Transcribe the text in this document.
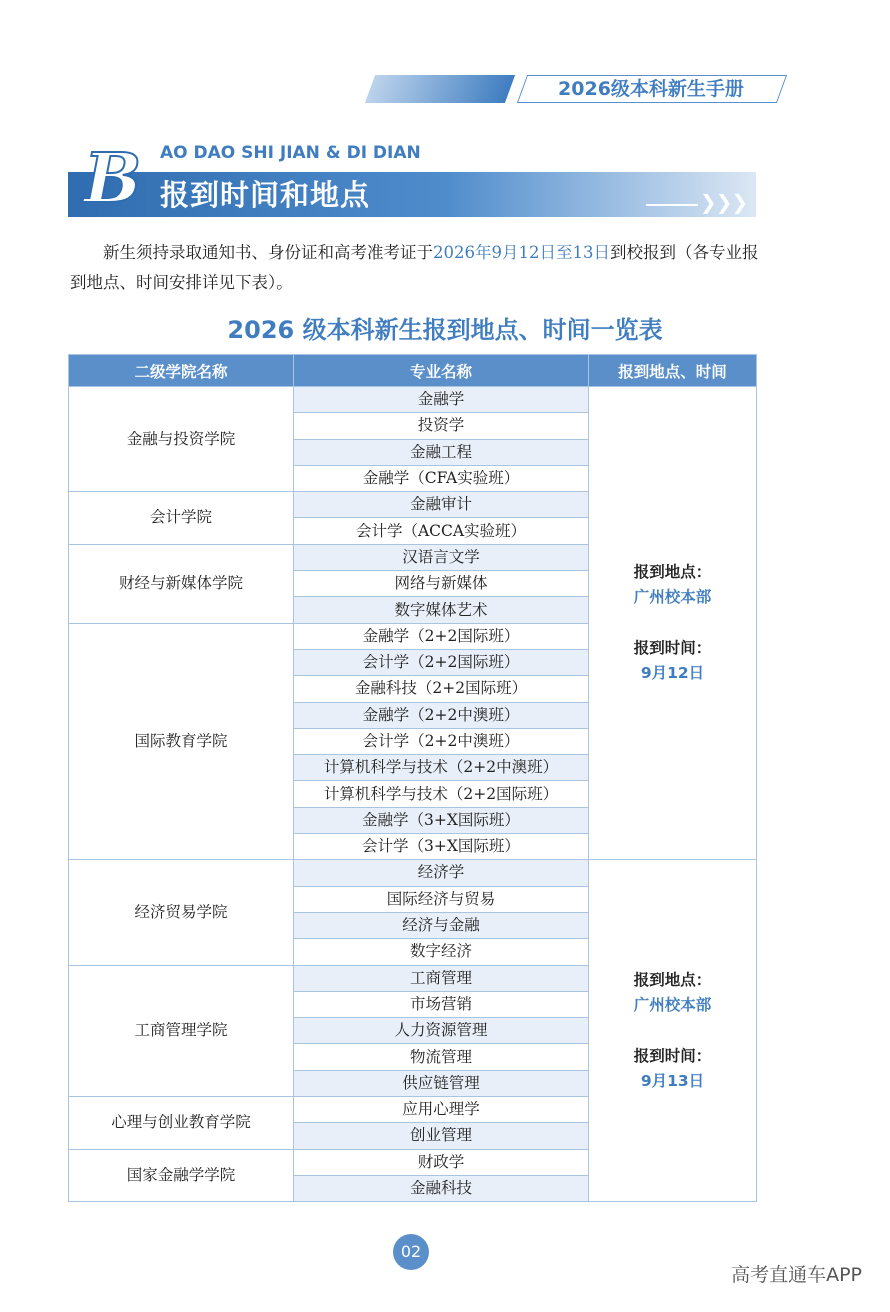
2026级本科新生手册
AO DAO SHI JIAN & DI DIAN
B 报到时间和地点	❯❯❯
新生须持录取通知书、身份证和高考准考证于2026年9月12日至13日到校报到（各专业报到地点、时间安排详见下表）。
2026 级本科新生报到地点、时间一览表
二级学院名称	专业名称	报到地点、时间
金融与投资学院	金融学	报到地点：
广州校本部
报到时间：
9月12日

	投资学	
	金融工程	
	金融学（CFA实验班）	
会计学院	金融审计	
	会计学（ACCA实验班）	
财经与新媒体学院	汉语言文学	
	网络与新媒体	
	数字媒体艺术	
国际教育学院	金融学（2+2国际班）	
	会计学（2+2国际班）	
	金融科技（2+2国际班）	
	金融学（2+2中澳班）	
	会计学（2+2中澳班）	
	计算机科学与技术（2+2中澳班）	
	计算机科学与技术（2+2国际班）	
	金融学（3+X国际班）	
	会计学（3+X国际班）	
经济贸易学院	经济学	报到地点：
广州校本部
报到时间：
9月13日

	国际经济与贸易	
	经济与金融	
	数字经济	
工商管理学院	工商管理	
	市场营销	
	人力资源管理	
	物流管理	
	供应链管理	
心理与创业教育学院	应用心理学	
	创业管理	
国家金融学学院	财政学	
	金融科技	
02
高考直通车APP
